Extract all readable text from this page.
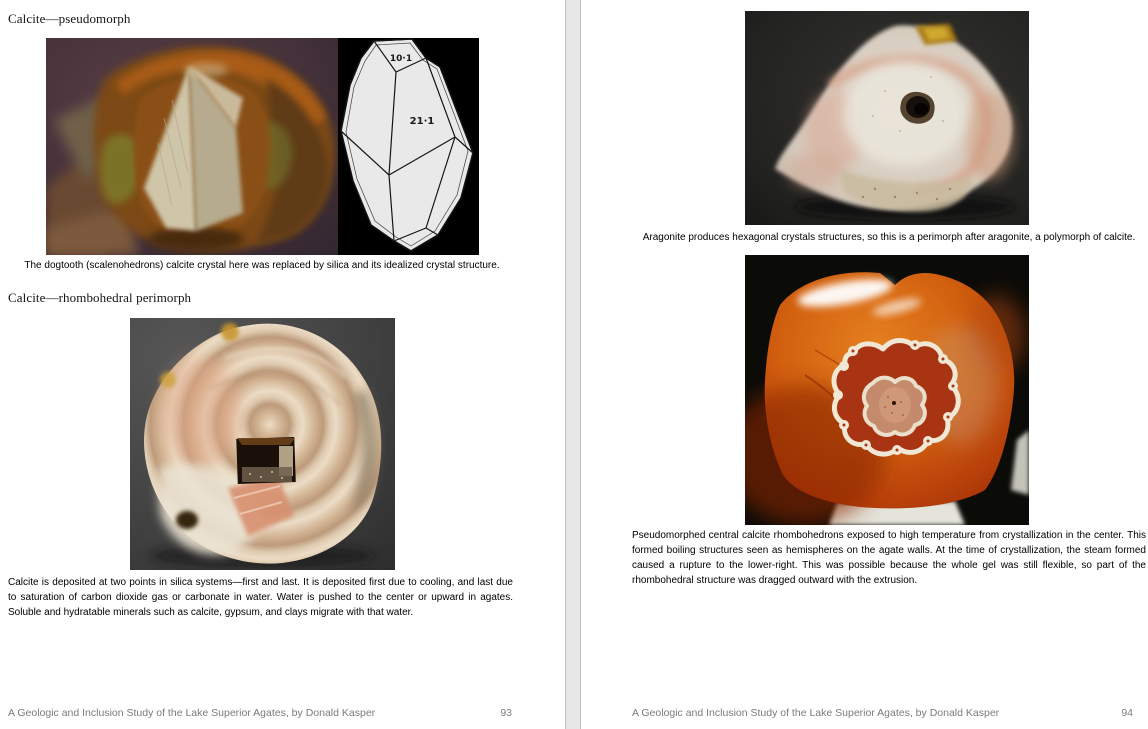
Calcite—pseudomorph
10·1
21·1
The dogtooth (scalenohedrons) calcite crystal here was replaced by silica and its idealized crystal structure.
Calcite—rhombohedral perimorph

Calcite is deposited at two points in silica systems—first and last. It is deposited first due to cooling, and last due to saturation of carbon dioxide gas or carbonate in water. Water is pushed to the center or upward in agates. Soluble and hydratable minerals such as calcite, gypsum, and clays migrate with that water.

A Geologic and Inclusion Study of the Lake Superior Agates, by Donald Kasper	93
Aragonite produces hexagonal crystals structures, so this is a perimorph after aragonite, a polymorph of calcite.

Pseudomorphed central calcite rhombohedrons exposed to high temperature from crystallization in the center. This formed boiling structures seen as hemispheres on the agate walls. At the time of crystallization, the steam formed caused a rupture to the lower-right. This was possible because the whole gel was still flexible, so part of the rhombohedral structure was dragged outward with the extrusion.

A Geologic and Inclusion Study of the Lake Superior Agates, by Donald Kasper	94
